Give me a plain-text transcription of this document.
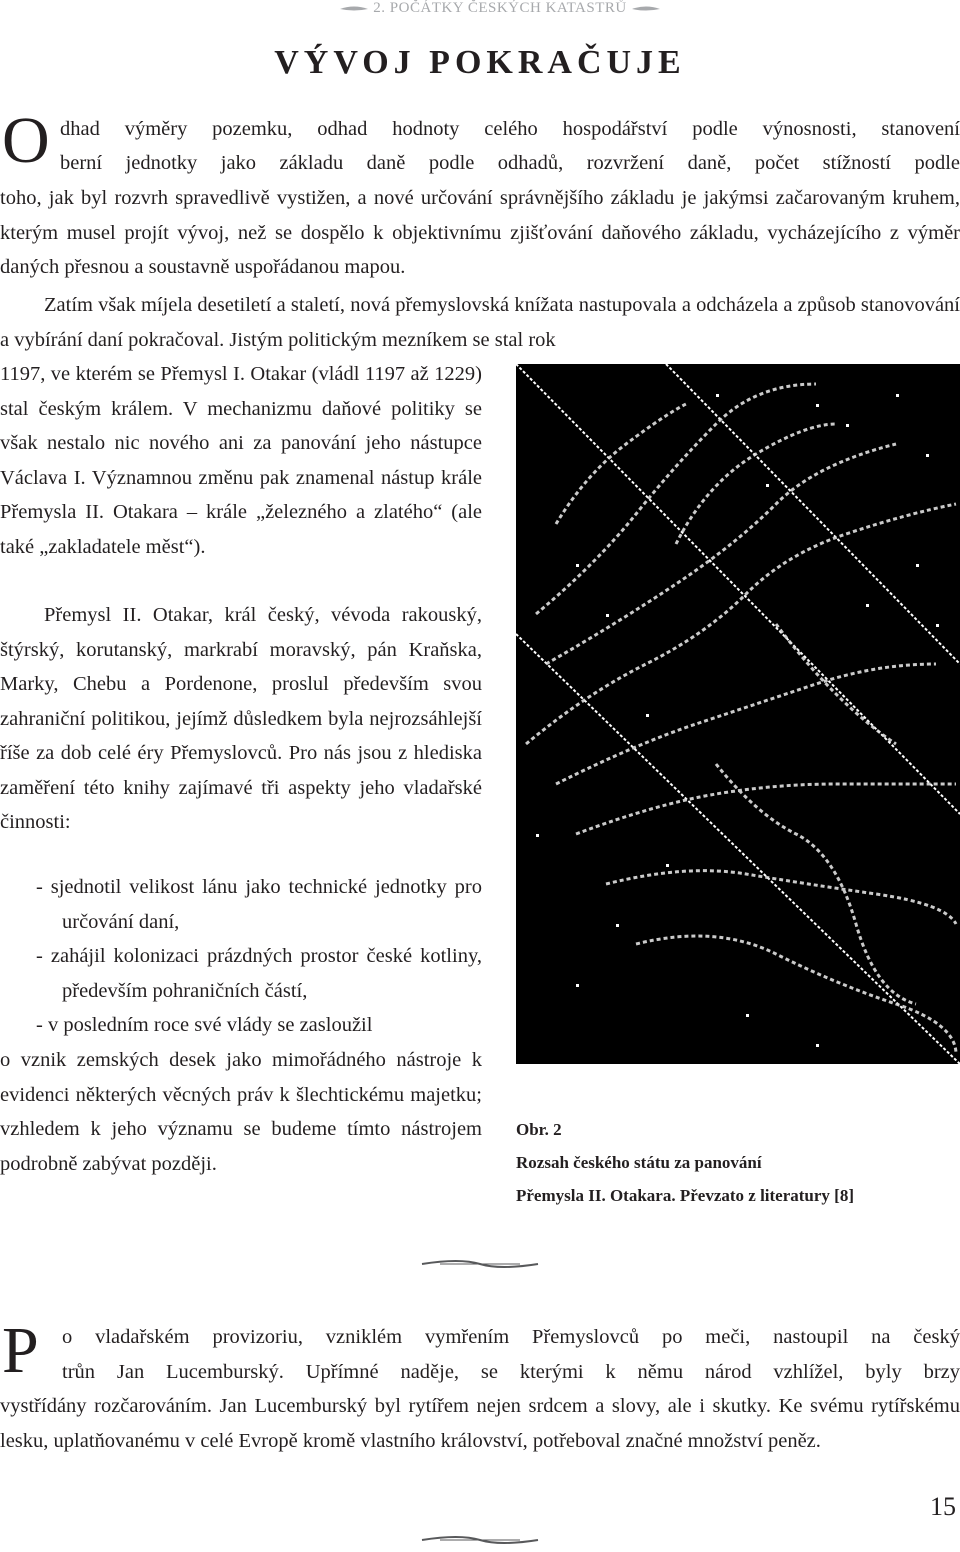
2. POČÁTKY ČESKÝCH KATASTRŮ
VÝVOJ POKRAČUJE
O dhad výměry pozemku, odhad hodnoty celého hospodářství podle výnosnosti, stanovení

berní jednotky jako základu daně podle odhadů, rozvržení daně, počet stížností podle

toho, jak byl rozvrh spravedlivě vystižen, a nové určování správnějšího základu je jakýmsi začarovaným kruhem, kterým musel projít vývoj, než se dospělo k objektivnímu zjišťování daňového základu, vycházejícího z výměr daných přesnou a soustavně uspořádanou mapou.

Zatím však míjela desetiletí a staletí, nová přemyslovská knížata nastupovala a odcházela a způsob stanovování a vybírání daní pokračoval. Jistým politickým mezníkem se stal rok

1197, ve kterém se Přemysl I. Otakar (vládl 1197 až 1229) stal českým králem. V mechanizmu daňové politiky se však nestalo nic nového ani za panování jeho nástupce Václava I. Významnou změnu pak znamenal nástup krále Přemysla II. Otakara – krále „železného a zlatého“ (ale také „zakladatele měst“).

Přemysl II. Otakar, král český, vévoda rakouský, štýrský, korutanský, markrabí moravský, pán Kraňska, Marky, Chebu a Pordenone, proslul především svou zahraniční politikou, jejímž důsledkem byla nejrozsáhlejší říše za dob celé éry Přemyslovců. Pro nás jsou z hlediska zaměření této knihy zajímavé tři aspekty jeho vladařské činnosti:

- sjednotil velikost lánu jako technické jednotky pro určování daní,
- zahájil kolonizaci prázdných prostor české kotliny, především pohraničních částí,
- v posledním roce své vlády se zasloužil

o vznik zemských desek jako mimořádného nástroje k evidenci některých věcných práv k šlechtickému majetku; vzhledem k jeho významu se budeme tímto nástrojem podrobně zabývat později.

Obr. 2
Rozsah českého státu za panování
Přemysla II. Otakara. Převzato z literatury [8]
P o vladařském provizoriu, vzniklém vymřením Přemyslovců po meči, nastoupil na český

trůn Jan Lucemburský. Upřímné naděje, se kterými k němu národ vzhlížel, byly brzy

vystřídány rozčarováním. Jan Lucemburský byl rytířem nejen srdcem a slovy, ale i skutky. Ke svému rytířskému lesku, uplatňovanému v celé Evropě kromě vlastního království, potřeboval značné množství peněz.

15
